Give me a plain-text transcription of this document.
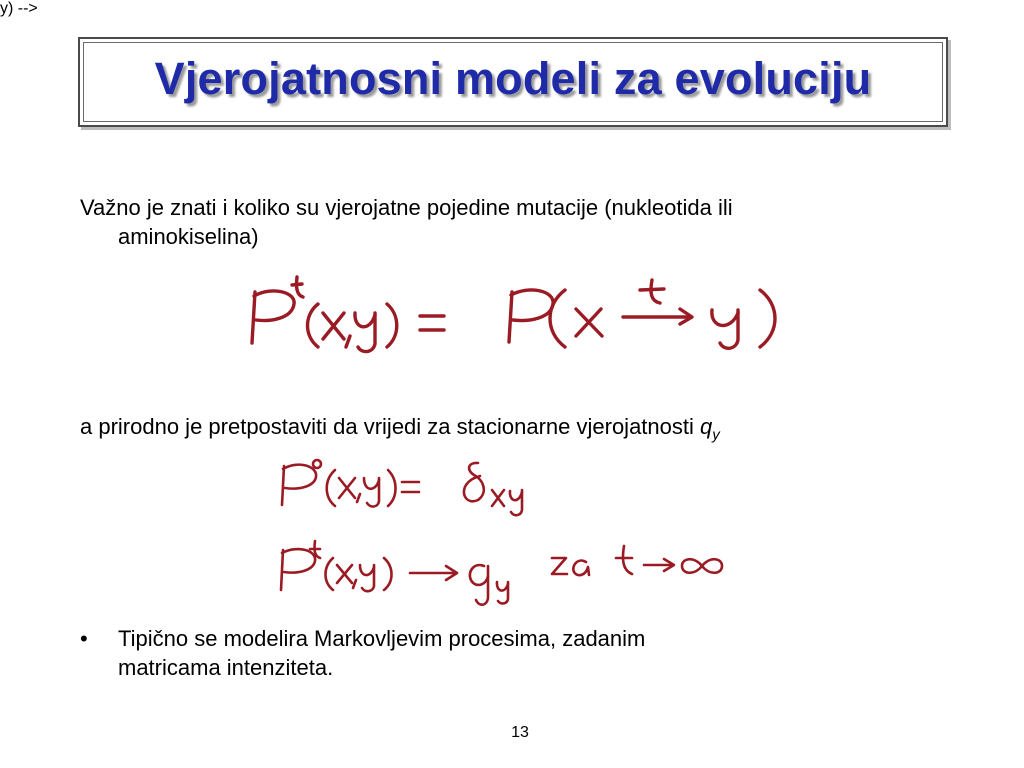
Vjerojatnosni modeli za evoluciju
Važno je znati i koliko su vjerojatne pojedine mutacije (nukleotida ili
aminokiselina)
y) -->
a prirodno je pretpostaviti da vrijedi za stacionarne vjerojatnosti $q_y$
•	Tipično se modelira Markovljevim procesima, zadanim
matricama intenziteta.
13
